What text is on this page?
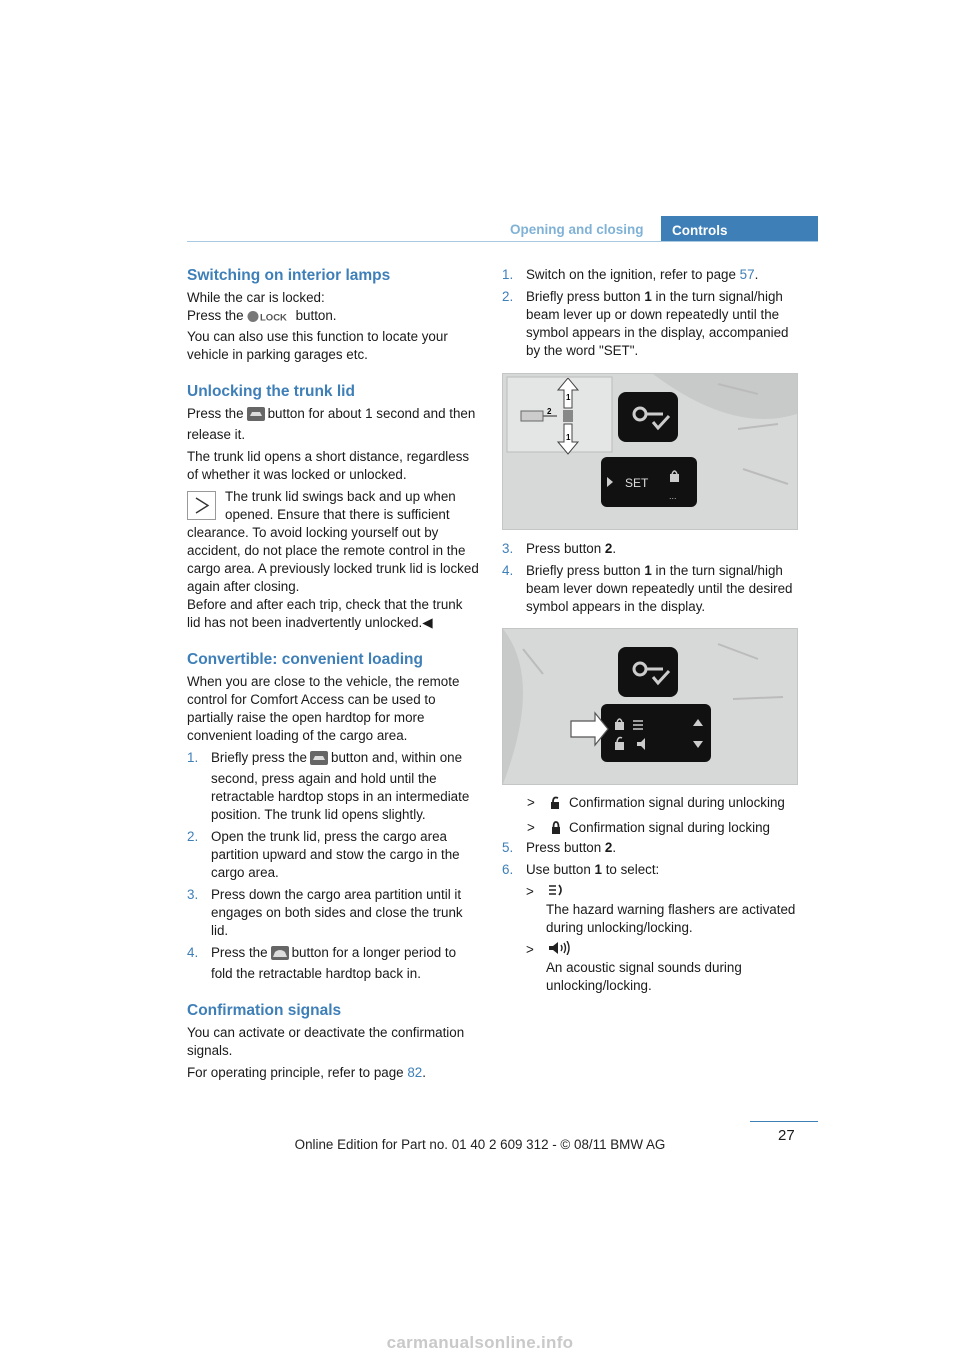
Opening and closing	Controls
Switching on interior lamps

While the car is locked:

Press the LOCK button.

You can also use this function to locate your vehicle in parking garages etc.

Unlocking the trunk lid

Press the button for about 1 second and then release it.

The trunk lid opens a short distance, regardless of whether it was locked or unlocked.

The trunk lid swings back and up when opened. Ensure that there is sufficient

clearance. To avoid locking yourself out by accident, do not place the remote control in the cargo area. A previously locked trunk lid is locked again after closing.

Before and after each trip, check that the trunk lid has not been inadvertently unlocked.◀

Convertible: convenient loading

When you are close to the vehicle, the remote control for Comfort Access can be used to partially raise the open hardtop for more convenient loading of the cargo area.

1. Briefly press the button and, within one second, press again and hold until the retractable hardtop stops in an intermediate position. The trunk lid opens slightly.
2. Open the trunk lid, press the cargo area partition upward and stow the cargo in the cargo area.
3. Press down the cargo area partition until it engages on both sides and close the trunk lid.
4. Press the button for a longer period to fold the retractable hardtop back in.
Confirmation signals

You can activate or deactivate the confirmation signals.

For operating principle, refer to page 82.

1. Switch on the ignition, refer to page 57.
2. Briefly press button 1 in the turn signal/high beam lever up or down repeatedly until the symbol appears in the display, accompanied by the word "SET".
SET
...
1
2
1
3. Press button 2.
4. Briefly press button 1 in the turn signal/high beam lever down repeatedly until the desired symbol appears in the display.
>	Confirmation signal during unlocking
>	Confirmation signal during locking
5. Press button 2.
6. Use button 1 to select:
>
The hazard warning flashers are activated during unlocking/locking.
>
An acoustic signal sounds during unlocking/locking.
27
Online Edition for Part no. 01 40 2 609 312 - © 08/11 BMW AG
carmanualsonline.info
